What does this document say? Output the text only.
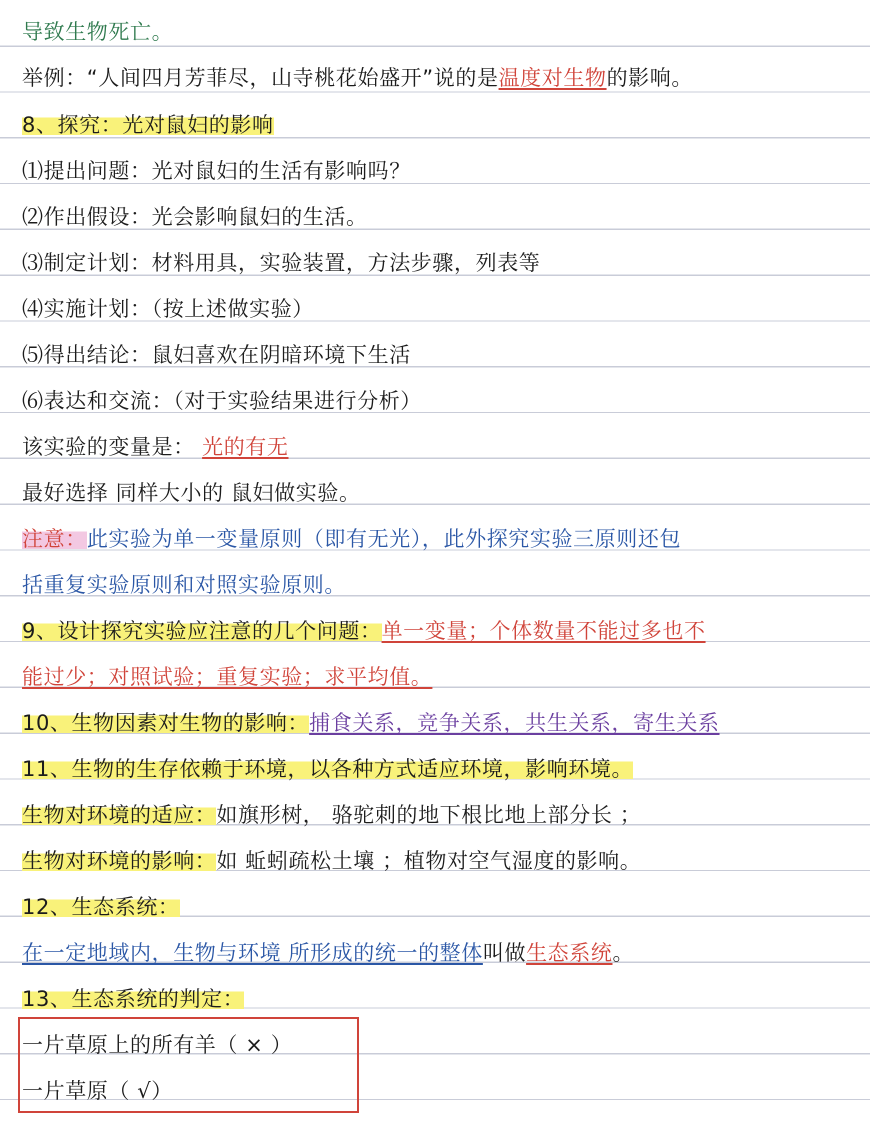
导致生物死亡。
举例：“人间四月芳菲尽，山寺桃花始盛开”说的是温度对生物的影响。
8、探究：光对鼠妇的影响
⑴提出问题：光对鼠妇的生活有影响吗？
⑵作出假设：光会影响鼠妇的生活。
⑶制定计划：材料用具，实验装置，方法步骤，列表等
⑷实施计划：（按上述做实验）
⑸得出结论：鼠妇喜欢在阴暗环境下生活
⑹表达和交流：（对于实验结果进行分析）
该实验的变量是： 光的有无
最好选择 同样大小的 鼠妇做实验。
注意：此实验为单一变量原则（即有无光），此外探究实验三原则还包
括重复实验原则和对照实验原则。
9、设计探究实验应注意的几个问题：单一变量；个体数量不能过多也不
能过少；对照试验；重复实验；求平均值。
10、生物因素对生物的影响：捕食关系，竞争关系，共生关系，寄生关系
11、生物的生存依赖于环境，以各种方式适应环境，影响环境。
生物对环境的适应：如旗形树， 骆驼刺的地下根比地上部分长 ；
生物对环境的影响：如 蚯蚓疏松土壤 ；植物对空气湿度的影响。
12、生态系统：
在一定地域内，生物与环境 所形成的统一的整体叫做生态系统。
13、生态系统的判定：
一片草原上的所有羊（ × ）
一片草原（ √）
